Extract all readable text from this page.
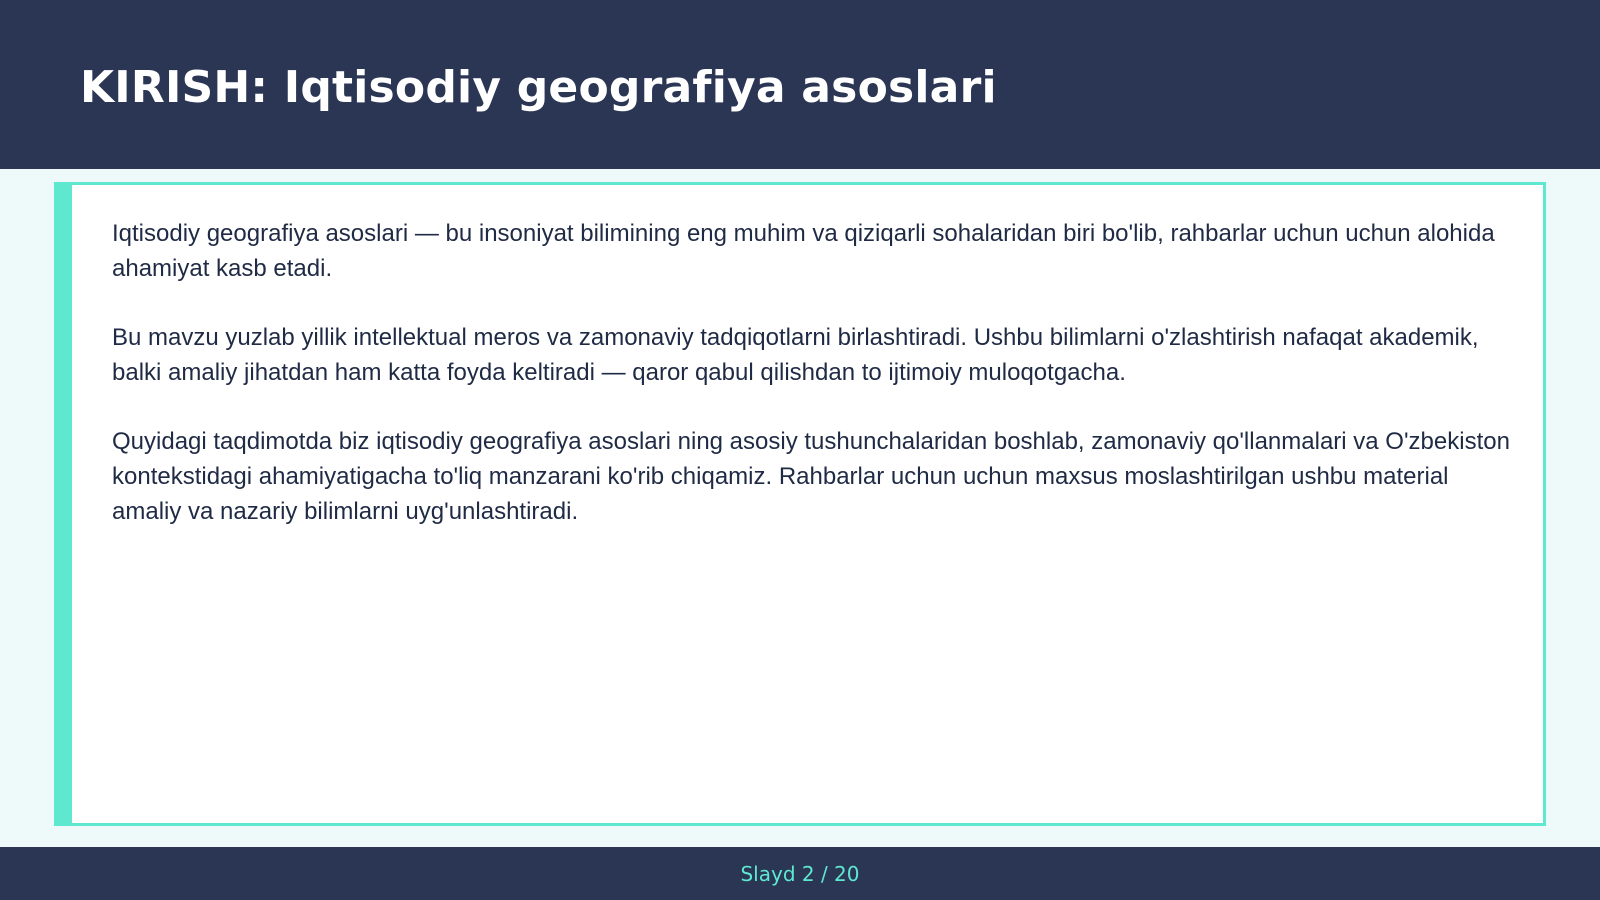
KIRISH: Iqtisodiy geografiya asoslari

Iqtisodiy geografiya asoslari — bu insoniyat bilimining eng muhim va qiziqarli sohalaridan biri bo'lib, rahbarlar uchun uchun alohida ahamiyat kasb etadi.

Bu mavzu yuzlab yillik intellektual meros va zamonaviy tadqiqotlarni birlashtiradi. Ushbu bilimlarni o'zlashtirish nafaqat akademik, balki amaliy jihatdan ham katta foyda keltiradi — qaror qabul qilishdan to ijtimoiy muloqotgacha.

Quyidagi taqdimotda biz iqtisodiy geografiya asoslari ning asosiy tushunchalaridan boshlab, zamonaviy qo'llanmalari va O'zbekiston kontekstidagi ahamiyatigacha to'liq manzarani ko'rib chiqamiz. Rahbarlar uchun uchun maxsus moslashtirilgan ushbu material amaliy va nazariy bilimlarni uyg'unlashtiradi.

Slayd 2 / 20
